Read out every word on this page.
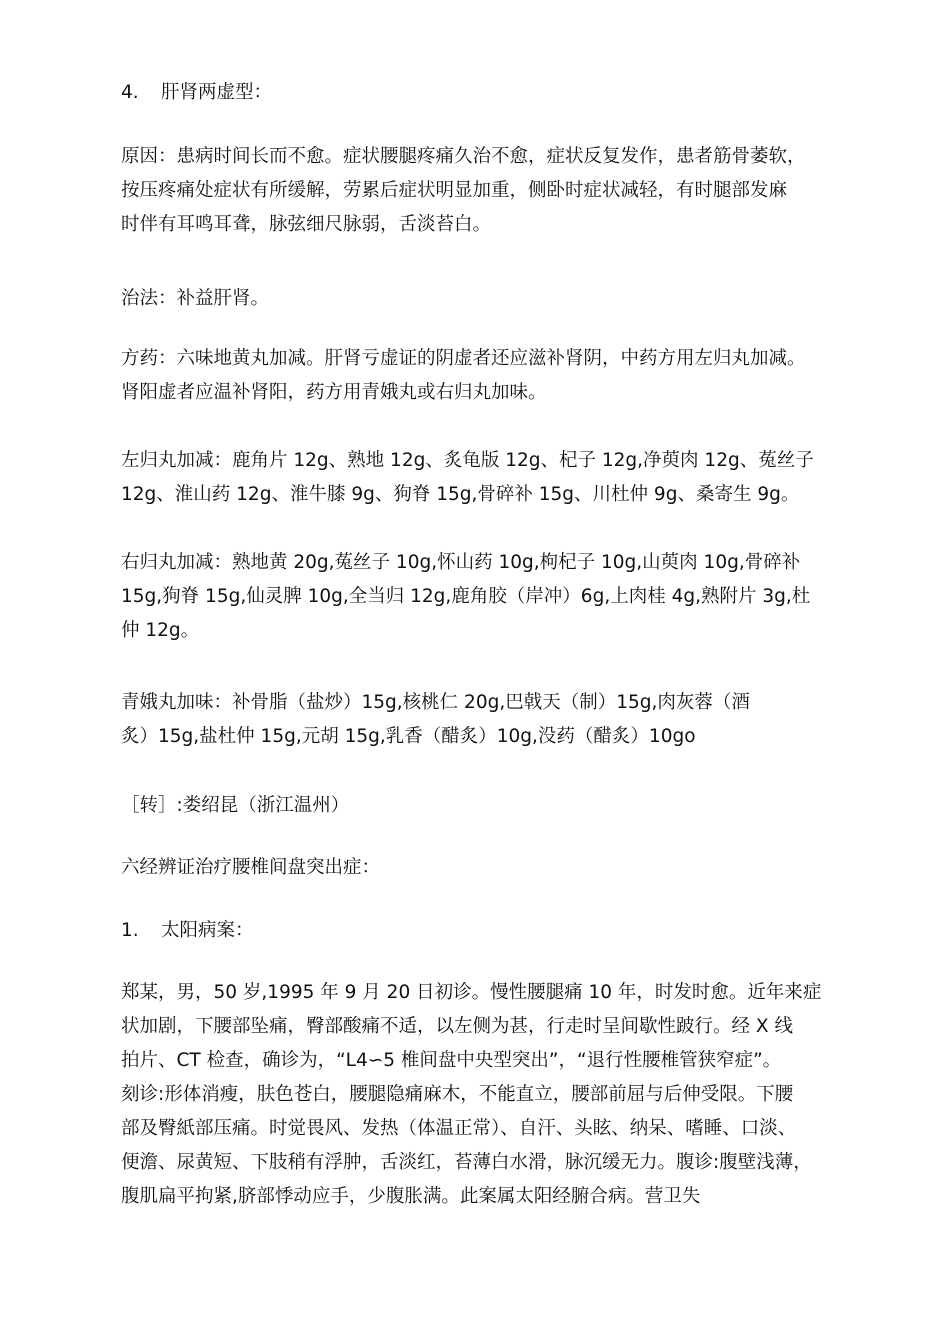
4. 肝肾两虚型：

原因：患病时间长而不愈。症状腰腿疼痛久治不愈，症状反复发作，患者筋骨萎软，
按压疼痛处症状有所缓解，劳累后症状明显加重，侧卧时症状减轻，有时腿部发麻
时伴有耳鸣耳聋，脉弦细尺脉弱，舌淡苔白。

治法：补益肝肾。

方药：六味地黄丸加减。肝肾亏虚证的阴虚者还应滋补肾阴，中药方用左归丸加减。
肾阳虚者应温补肾阳，药方用青娥丸或右归丸加味。

左归丸加减：鹿角片 12g、熟地 12g、炙龟版 12g、杞子 12g,净萸肉 12g、菟丝子
12g、淮山药 12g、淮牛膝 9g、狗脊 15g,骨碎补 15g、川杜仲 9g、桑寄生 9g。

右归丸加减：熟地黄 20g,菟丝子 10g,怀山药 10g,枸杞子 10g,山萸肉 10g,骨碎补
15g,狗脊 15g,仙灵脾 10g,全当归 12g,鹿角胶（岸冲）6g,上肉桂 4g,熟附片 3g,杜
仲 12g。

青娥丸加味：补骨脂（盐炒）15g,核桃仁 20g,巴戟天（制）15g,肉灰蓉（酒
炙）15g,盐杜仲 15g,元胡 15g,乳香（醋炙）10g,没药（醋炙）10go

［转］:娄绍昆（浙江温州）

六经辨证治疗腰椎间盘突出症：

1. 太阳病案：

郑某，男，50 岁,1995 年 9 月 20 日初诊。慢性腰腿痛 10 年，时发时愈。近年来症
状加剧，下腰部坠痛，臀部酸痛不适，以左侧为甚，行走时呈间歇性跛行。经 X 线
拍片、CT 检查，确诊为，“L4∽5 椎间盘中央型突出”，“退行性腰椎管狭窄症”。
刻诊:形体消瘦，肤色苍白，腰腿隐痛麻木，不能直立，腰部前屈与后伸受限。下腰
部及臀紙部压痛。时觉畏风、发热（体温正常）、自汗、头眩、纳呆、嗜睡、口淡、
便澹、尿黄短、下肢稍有浮肿，舌淡红，苔薄白水滑，脉沉缓无力。腹诊:腹壁浅薄，
腹肌扁平拘紧,脐部悸动应手，少腹胀满。此案属太阳经腑合病。营卫失
